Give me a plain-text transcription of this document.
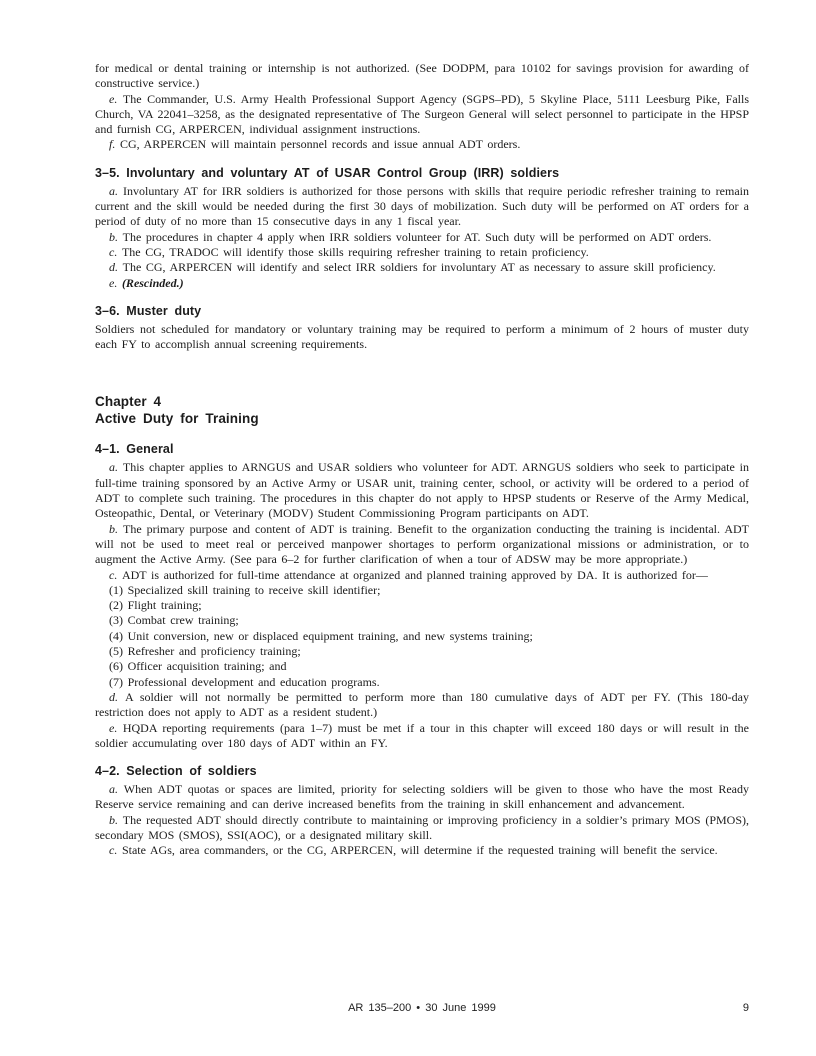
for medical or dental training or internship is not authorized. (See DODPM, para 10102 for savings provision for awarding of constructive service.)

e. The Commander, U.S. Army Health Professional Support Agency (SGPS–PD), 5 Skyline Place, 5111 Leesburg Pike, Falls Church, VA 22041–3258, as the designated representative of The Surgeon General will select personnel to participate in the HPSP and furnish CG, ARPERCEN, individual assignment instructions.

f. CG, ARPERCEN will maintain personnel records and issue annual ADT orders.

3–5. Involuntary and voluntary AT of USAR Control Group (IRR) soldiers

a. Involuntary AT for IRR soldiers is authorized for those persons with skills that require periodic refresher training to remain current and the skill would be needed during the first 30 days of mobilization. Such duty will be performed on AT orders for a period of duty of no more than 15 consecutive days in any 1 fiscal year.

b. The procedures in chapter 4 apply when IRR soldiers volunteer for AT. Such duty will be performed on ADT orders.

c. The CG, TRADOC will identify those skills requiring refresher training to retain proficiency.

d. The CG, ARPERCEN will identify and select IRR soldiers for involuntary AT as necessary to assure skill proficiency.

e. (Rescinded.)

3–6. Muster duty

Soldiers not scheduled for mandatory or voluntary training may be required to perform a minimum of 2 hours of muster duty each FY to accomplish annual screening requirements.

Chapter 4
Active Duty for Training
4–1. General

a. This chapter applies to ARNGUS and USAR soldiers who volunteer for ADT. ARNGUS soldiers who seek to participate in full-time training sponsored by an Active Army or USAR unit, training center, school, or activity will be ordered to a period of ADT to complete such training. The procedures in this chapter do not apply to HPSP students or Reserve of the Army Medical, Osteopathic, Dental, or Veterinary (MODV) Student Commissioning Program participants on ADT.

b. The primary purpose and content of ADT is training. Benefit to the organization conducting the training is incidental. ADT will not be used to meet real or perceived manpower shortages to perform organizational missions or administration, or to augment the Active Army. (See para 6–2 for further clarification of when a tour of ADSW may be more appropriate.)

c. ADT is authorized for full-time attendance at organized and planned training approved by DA. It is authorized for—

(1) Specialized skill training to receive skill identifier;

(2) Flight training;

(3) Combat crew training;

(4) Unit conversion, new or displaced equipment training, and new systems training;

(5) Refresher and proficiency training;

(6) Officer acquisition training; and

(7) Professional development and education programs.

d. A soldier will not normally be permitted to perform more than 180 cumulative days of ADT per FY. (This 180-day restriction does not apply to ADT as a resident student.)

e. HQDA reporting requirements (para 1–7) must be met if a tour in this chapter will exceed 180 days or will result in the soldier accumulating over 180 days of ADT within an FY.

4–2. Selection of soldiers

a. When ADT quotas or spaces are limited, priority for selecting soldiers will be given to those who have the most Ready Reserve service remaining and can derive increased benefits from the training in skill enhancement and advancement.

b. The requested ADT should directly contribute to maintaining or improving proficiency in a soldier’s primary MOS (PMOS), secondary MOS (SMOS), SSI(AOC), or a designated military skill.

c. State AGs, area commanders, or the CG, ARPERCEN, will determine if the requested training will benefit the service.

AR 135–200 • 30 June 1999	9
